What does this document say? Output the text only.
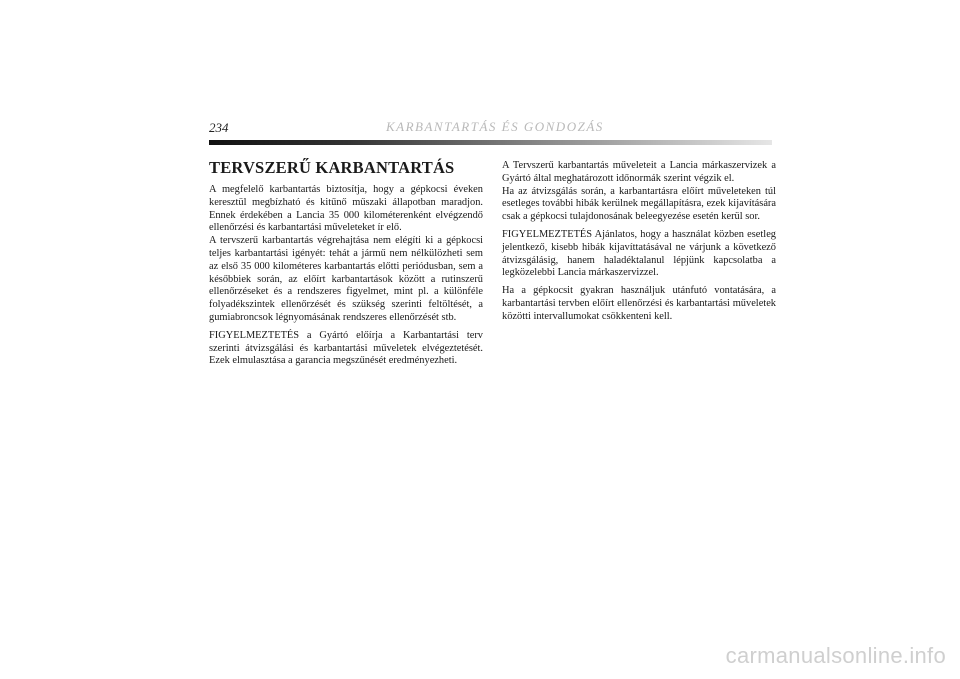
234	KARBANTARTÁS ÉS GONDOZÁS
TERVSZERŰ KARBANTARTÁS

A megfelelő karbantartás biztosítja, hogy a gépkocsi éveken keresztül megbízható és kitűnő műszaki állapotban maradjon. Ennek érdekében a Lancia 35 000 kilométerenként elvégzendő ellenőrzési és karbantartási műveleteket ír elő.

A tervszerű karbantartás végrehajtása nem elégíti ki a gépkocsi teljes karbantartási igényét: tehát a jármű nem nélkülözheti sem az első 35 000 kilométeres karbantartás előtti periódusban, sem a későbbiek során, az előírt karbantartások között a rutinszerű ellenőrzéseket és a rendszeres figyelmet, mint pl. a különféle folyadékszintek ellenőrzését és szükség szerinti feltöltését, a gumiabroncsok légnyomásának rendszeres ellenőrzését stb.

FIGYELMEZTETÉS a Gyártó előírja a Karbantartási terv szerinti átvizsgálási és karbantartási műveletek elvégeztetését. Ezek elmulasztása a garancia megszűnését eredményezheti.

A Tervszerű karbantartás műveleteit a Lancia márkaszervizek a Gyártó által meghatározott időnormák szerint végzik el.

Ha az átvizsgálás során, a karbantartásra előírt műveleteken túl esetleges további hibák kerülnek megállapításra, ezek kijavítására csak a gépkocsi tulajdonosának beleegyezése esetén kerül sor.

FIGYELMEZTETÉS Ajánlatos, hogy a használat közben esetleg jelentkező, kisebb hibák kijavíttatásával ne várjunk a következő átvizsgálásig, hanem haladéktalanul lépjünk kapcsolatba a legközelebbi Lancia márkaszervizzel.

Ha a gépkocsit gyakran használjuk utánfutó vontatására, a karbantartási tervben előírt ellenőrzési és karbantartási műveletek közötti intervallumokat csökkenteni kell.

carmanualsonline.info
